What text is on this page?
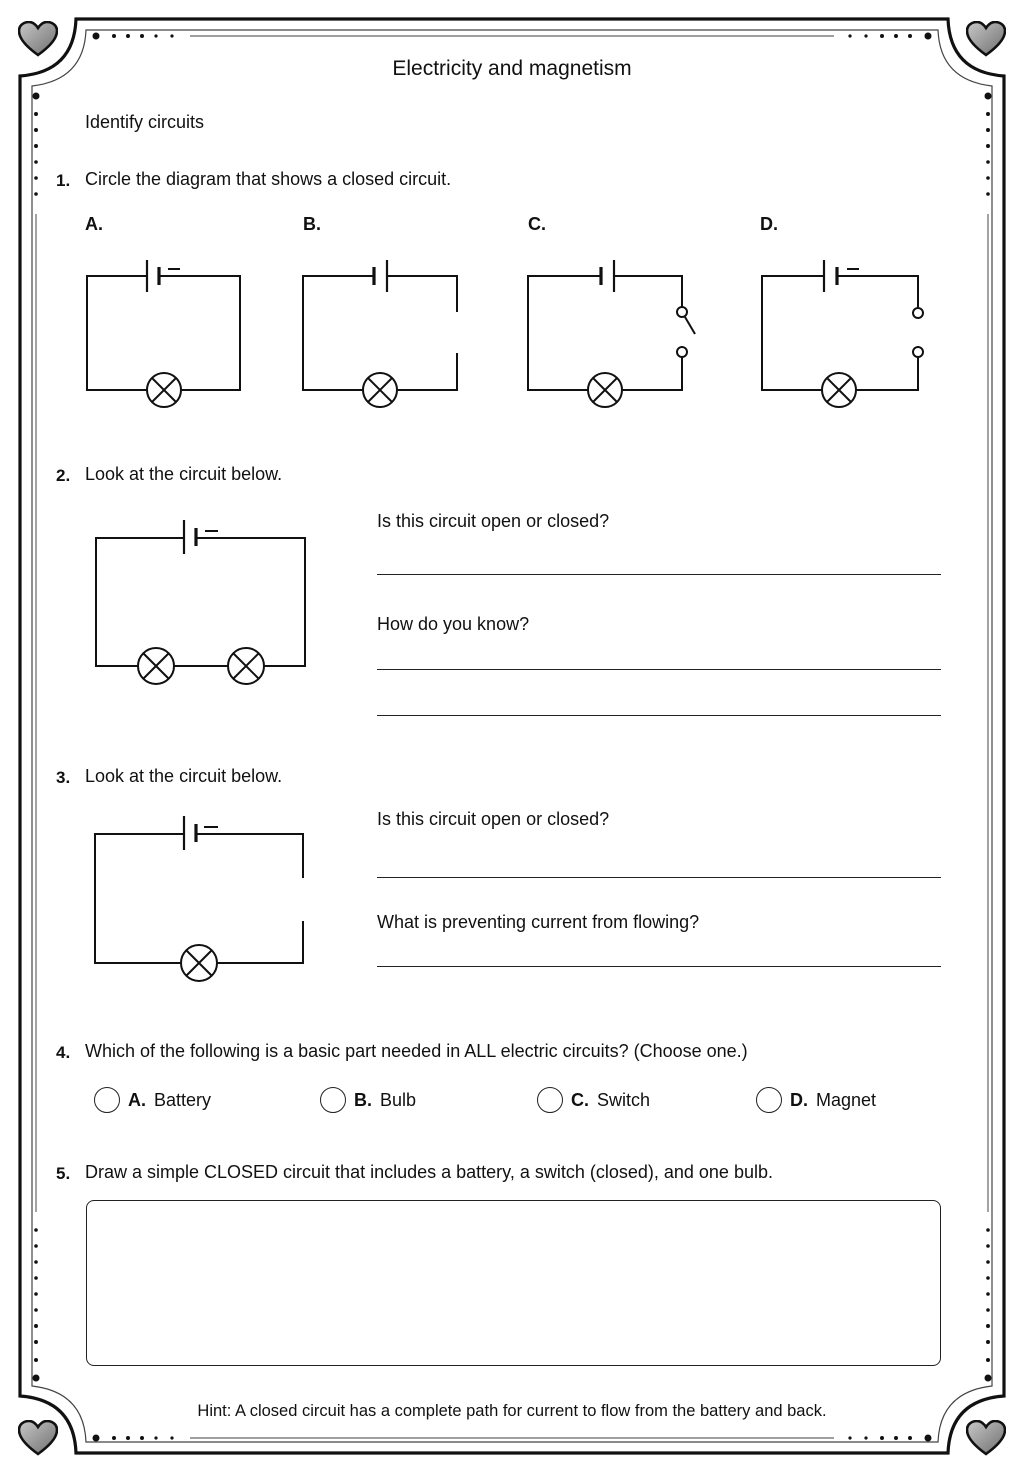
Electricity and magnetism
Identify circuits
1. Circle the diagram that shows a closed circuit.
A.	B.	C.	D.
2. Look at the circuit below.
Is this circuit open or closed?
How do you know?
3. Look at the circuit below.
Is this circuit open or closed?
What is preventing current from flowing?
4. Which of the following is a basic part needed in ALL electric circuits? (Choose one.)
A. Battery	B. Bulb	C. Switch	D. Magnet
5. Draw a simple CLOSED circuit that includes a battery, a switch (closed), and one bulb.
Hint: A closed circuit has a complete path for current to flow from the battery and back.
